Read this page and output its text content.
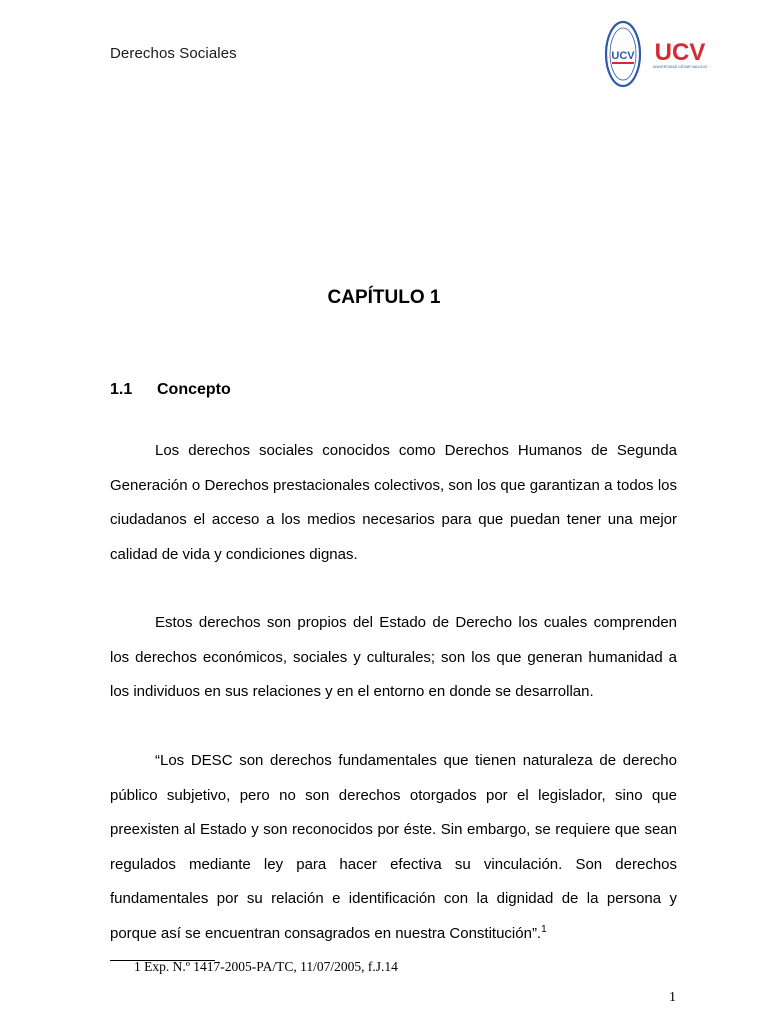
Derechos Sociales	UCV UCV
UNIVERSIDAD CÉSAR VALLEJO
CAPÍTULO 1
1.1 Concepto

Los derechos sociales conocidos como Derechos Humanos de Segunda Generación o Derechos prestacionales colectivos, son los que garantizan a todos los ciudadanos el acceso a los medios necesarios para que puedan tener una mejor calidad de vida y condiciones dignas.

Estos derechos son propios del Estado de Derecho los cuales comprenden los derechos económicos, sociales y culturales; son los que generan humanidad a los individuos en sus relaciones y en el entorno en donde se desarrollan.

“Los DESC son derechos fundamentales que tienen naturaleza de derecho público subjetivo, pero no son derechos otorgados por el legislador, sino que preexisten al Estado y son reconocidos por éste. Sin embargo, se requiere que sean regulados mediante ley para hacer efectiva su vinculación. Son derechos fundamentales por su relación e identificación con la dignidad de la persona y porque así se encuentran consagrados en nuestra Constitución”.$^1$

1 Exp. N.º 1417-2005-PA/TC, 11/07/2005, f.J.14
1
